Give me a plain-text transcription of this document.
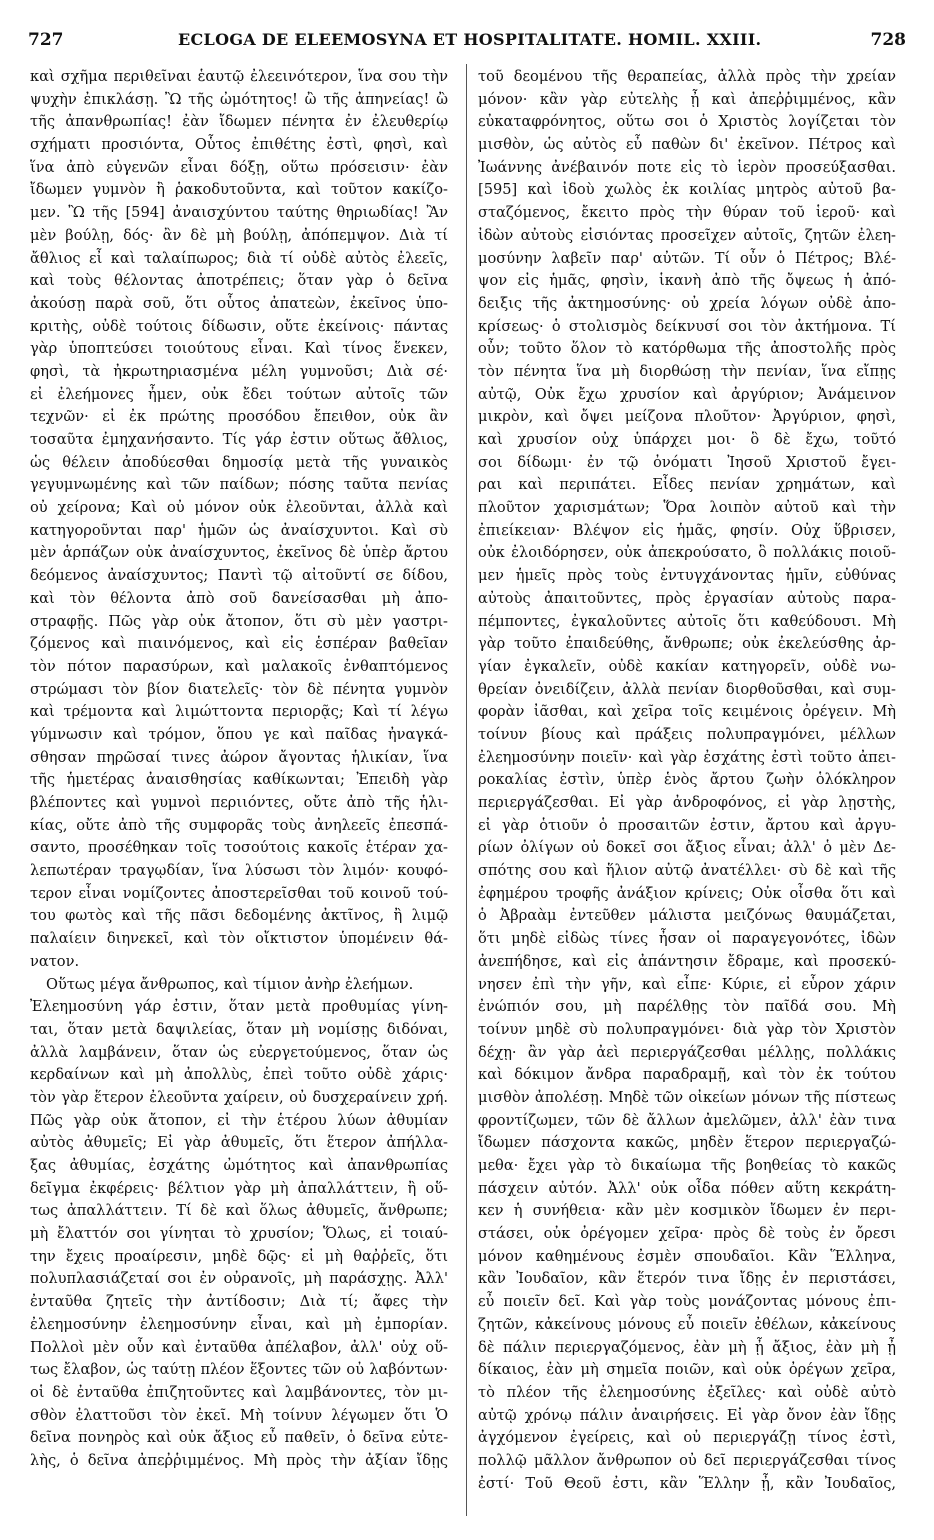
727	ECLOGA DE ELEEMOSYNA ET HOSPITALITATE. HOMIL. XXIII.	728
καὶ σχῆμα περιθεῖναι ἑαυτῷ ἐλεεινότερον, ἵνα σου τὴν
ψυχὴν ἐπικλάσῃ. Ὢ τῆς ὠμότητος! ὢ τῆς ἀπηνείας! ὢ
τῆς ἀπανθρωπίας! ἐὰν ἴδωμεν πένητα ἐν ἐλευθερίῳ
σχήματι προσιόντα, Οὗτος ἐπιθέτης ἐστὶ, φησὶ, καὶ
ἵνα ἀπὸ εὐγενῶν εἶναι δόξῃ, οὕτω πρόσεισιν· ἐὰν
ἴδωμεν γυμνὸν ἢ ῥακοδυτοῦντα, καὶ τοῦτον κακίζο-
μεν. Ὢ τῆς [594] ἀναισχύντου ταύτης θηριωδίας! Ἂν
μὲν βούλῃ, δός· ἂν δὲ μὴ βούλῃ, ἀπόπεμψον. Διὰ τί
ἄθλιος εἶ καὶ ταλαίπωρος; διὰ τί οὐδὲ αὐτὸς ἐλεεῖς,
καὶ τοὺς θέλοντας ἀποτρέπεις; ὅταν γὰρ ὁ δεῖνα
ἀκούσῃ παρὰ σοῦ, ὅτι οὗτος ἀπατεὼν, ἐκεῖνος ὑπο-
κριτὴς, οὐδὲ τούτοις δίδωσιν, οὔτε ἐκείνοις· πάντας
γὰρ ὑποπτεύσει τοιούτους εἶναι. Καὶ τίνος ἕνεκεν,
φησὶ, τὰ ἠκρωτηριασμένα μέλη γυμνοῦσι; Διὰ σέ·
εἰ ἐλεήμονες ἦμεν, οὐκ ἔδει τούτων αὐτοῖς τῶν
τεχνῶν· εἰ ἐκ πρώτης προσόδου ἔπειθον, οὐκ ἂν
τοσαῦτα ἐμηχανήσαντο. Τίς γάρ ἐστιν οὕτως ἄθλιος,
ὡς θέλειν ἀποδύεσθαι δημοσίᾳ μετὰ τῆς γυναικὸς
γεγυμνωμένης καὶ τῶν παίδων; πόσης ταῦτα πενίας
οὐ χείρονα; Καὶ οὐ μόνον οὐκ ἐλεοῦνται, ἀλλὰ καὶ
κατηγοροῦνται παρ' ἡμῶν ὡς ἀναίσχυντοι. Καὶ σὺ
μὲν ἁρπάζων οὐκ ἀναίσχυντος, ἐκεῖνος δὲ ὑπὲρ ἄρτου
δεόμενος ἀναίσχυντος; Παντὶ τῷ αἰτοῦντί σε δίδου,
καὶ τὸν θέλοντα ἀπὸ σοῦ δανείσασθαι μὴ ἀπο-
στραφῇς. Πῶς γὰρ οὐκ ἄτοπον, ὅτι σὺ μὲν γαστρι-
ζόμενος καὶ πιαινόμενος, καὶ εἰς ἑσπέραν βαθεῖαν
τὸν πότον παρασύρων, καὶ μαλακοῖς ἐνθαπτόμενος
στρώμασι τὸν βίον διατελεῖς· τὸν δὲ πένητα γυμνὸν
καὶ τρέμοντα καὶ λιμώττοντα περιορᾷς; Καὶ τί λέγω
γύμνωσιν καὶ τρόμον, ὅπου γε καὶ παῖδας ἠναγκά-
σθησαν πηρῶσαί τινες ἀώρον ἄγοντας ἡλικίαν, ἵνα
τῆς ἡμετέρας ἀναισθησίας καθίκωνται; Ἐπειδὴ γὰρ
βλέποντες καὶ γυμνοὶ περιιόντες, οὔτε ἀπὸ τῆς ἡλι-
κίας, οὔτε ἀπὸ τῆς συμφορᾶς τοὺς ἀνηλεεῖς ἐπεσπά-
σαντο, προσέθηκαν τοῖς τοσούτοις κακοῖς ἑτέραν χα-
λεπωτέραν τραγῳδίαν, ἵνα λύσωσι τὸν λιμόν· κουφό-
τερον εἶναι νομίζοντες ἀποστερεῖσθαι τοῦ κοινοῦ τού-
του φωτὸς καὶ τῆς πᾶσι δεδομένης ἀκτῖνος, ἢ λιμῷ
παλαίειν διηνεκεῖ, καὶ τὸν οἴκτιστον ὑπομένειν θά-
νατον.
Οὕτως μέγα ἄνθρωπος, καὶ τίμιον ἀνὴρ ἐλεήμων.
Ἐλεημοσύνη γάρ ἐστιν, ὅταν μετὰ προθυμίας γίνη-
ται, ὅταν μετὰ δαψιλείας, ὅταν μὴ νομίσῃς διδόναι,
ἀλλὰ λαμβάνειν, ὅταν ὡς εὐεργετούμενος, ὅταν ὡς
κερδαίνων καὶ μὴ ἀπολλὺς, ἐπεὶ τοῦτο οὐδὲ χάρις·
τὸν γὰρ ἕτερον ἐλεοῦντα χαίρειν, οὐ δυσχεραίνειν χρή.
Πῶς γὰρ οὐκ ἄτοπον, εἰ τὴν ἑτέρου λύων ἀθυμίαν
αὐτὸς ἀθυμεῖς; Εἰ γὰρ ἀθυμεῖς, ὅτι ἕτερον ἀπήλλα-
ξας ἀθυμίας, ἐσχάτης ὠμότητος καὶ ἀπανθρωπίας
δεῖγμα ἐκφέρεις· βέλτιον γὰρ μὴ ἀπαλλάττειν, ἢ οὕ-
τως ἀπαλλάττειν. Τί δὲ καὶ ὅλως ἀθυμεῖς, ἄνθρωπε;
μὴ ἔλαττόν σοι γίνηται τὸ χρυσίον; Ὅλως, εἰ τοιαύ-
την ἔχεις προαίρεσιν, μηδὲ δῷς· εἰ μὴ θαῤῥεῖς, ὅτι
πολυπλασιάζεταί σοι ἐν οὐρανοῖς, μὴ παράσχῃς. Ἀλλ'
ἐνταῦθα ζητεῖς τὴν ἀντίδοσιν; Διὰ τί; ἄφες τὴν
ἐλεημοσύνην ἐλεημοσύνην εἶναι, καὶ μὴ ἐμπορίαν.
Πολλοὶ μὲν οὖν καὶ ἐνταῦθα ἀπέλαβον, ἀλλ' οὐχ οὕ-
τως ἔλαβον, ὡς ταύτῃ πλέον ἕξοντες τῶν οὐ λαβόντων·
οἱ δὲ ἐνταῦθα ἐπιζητοῦντες καὶ λαμβάνοντες, τὸν μι-
σθὸν ἐλαττοῦσι τὸν ἐκεῖ. Μὴ τοίνυν λέγωμεν ὅτι Ὁ
δεῖνα πονηρὸς καὶ οὐκ ἄξιος εὖ παθεῖν, ὁ δεῖνα εὐτε-
λὴς, ὁ δεῖνα ἀπεῤῥιμμένος. Μὴ πρὸς τὴν ἀξίαν ἴδῃς
τοῦ δεομένου τῆς θεραπείας, ἀλλὰ πρὸς τὴν χρείαν
μόνον· κἂν γὰρ εὐτελὴς ᾖ καὶ ἀπεῤῥιμμένος, κἂν
εὐκαταφρόνητος, οὕτω σοι ὁ Χριστὸς λογίζεται τὸν
μισθὸν, ὡς αὐτὸς εὖ παθὼν δι' ἐκεῖνον. Πέτρος καὶ
Ἰωάννης ἀνέβαινόν ποτε εἰς τὸ ἱερὸν προσεύξασθαι.
[595] καὶ ἰδοὺ χωλὸς ἐκ κοιλίας μητρὸς αὐτοῦ βα-
σταζόμενος, ἔκειτο πρὸς τὴν θύραν τοῦ ἱεροῦ· καὶ
ἰδὼν αὐτοὺς εἰσιόντας προσεῖχεν αὐτοῖς, ζητῶν ἐλεη-
μοσύνην λαβεῖν παρ' αὐτῶν. Τί οὖν ὁ Πέτρος; Βλέ-
ψον εἰς ἡμᾶς, φησὶν, ἱκανὴ ἀπὸ τῆς ὄψεως ἡ ἀπό-
δειξις τῆς ἀκτημοσύνης· οὐ χρεία λόγων οὐδὲ ἀπο-
κρίσεως· ὁ στολισμὸς δείκνυσί σοι τὸν ἀκτήμονα. Τί
οὖν; τοῦτο ὅλον τὸ κατόρθωμα τῆς ἀποστολῆς πρὸς
τὸν πένητα ἵνα μὴ διορθώσῃ τὴν πενίαν, ἵνα εἴπῃς
αὐτῷ, Οὐκ ἔχω χρυσίον καὶ ἀργύριον; Ἀνάμεινον
μικρὸν, καὶ ὄψει μείζονα πλοῦτον· Ἀργύριον, φησὶ,
καὶ χρυσίον οὐχ ὑπάρχει μοι· ὃ δὲ ἔχω, τοῦτό
σοι δίδωμι· ἐν τῷ ὀνόματι Ἰησοῦ Χριστοῦ ἔγει-
ραι καὶ περιπάτει. Εἶδες πενίαν χρημάτων, καὶ
πλοῦτον χαρισμάτων; Ὅρα λοιπὸν αὐτοῦ καὶ τὴν
ἐπιείκειαν· Βλέψον εἰς ἡμᾶς, φησίν. Οὐχ ὕβρισεν,
οὐκ ἐλοιδόρησεν, οὐκ ἀπεκρούσατο, ὃ πολλάκις ποιοῦ-
μεν ἡμεῖς πρὸς τοὺς ἐντυγχάνοντας ἡμῖν, εὐθύνας
αὐτοὺς ἀπαιτοῦντες, πρὸς ἐργασίαν αὐτοὺς παρα-
πέμποντες, ἐγκαλοῦντες αὐτοῖς ὅτι καθεύδουσι. Μὴ
γὰρ τοῦτο ἐπαιδεύθης, ἄνθρωπε; οὐκ ἐκελεύσθης ἀρ-
γίαν ἐγκαλεῖν, οὐδὲ κακίαν κατηγορεῖν, οὐδὲ νω-
θρείαν ὀνειδίζειν, ἀλλὰ πενίαν διορθοῦσθαι, καὶ συμ-
φορὰν ἰᾶσθαι, καὶ χεῖρα τοῖς κειμένοις ὀρέγειν. Μὴ
τοίνυν βίους καὶ πράξεις πολυπραγμόνει, μέλλων
ἐλεημοσύνην ποιεῖν· καὶ γὰρ ἐσχάτης ἐστὶ τοῦτο ἀπει-
ροκαλίας ἐστὶν, ὑπὲρ ἑνὸς ἄρτου ζωὴν ὁλόκληρον
περιεργάζεσθαι. Εἰ γὰρ ἀνδροφόνος, εἰ γὰρ λῃστὴς,
εἰ γὰρ ὁτιοῦν ὁ προσαιτῶν ἐστιν, ἄρτου καὶ ἀργυ-
ρίων ὀλίγων οὐ δοκεῖ σοι ἄξιος εἶναι; ἀλλ' ὁ μὲν Δε-
σπότης σου καὶ ἥλιον αὐτῷ ἀνατέλλει· σὺ δὲ καὶ τῆς
ἐφημέρου τροφῆς ἀνάξιον κρίνεις; Οὐκ οἶσθα ὅτι καὶ
ὁ Ἀβραὰμ ἐντεῦθεν μάλιστα μειζόνως θαυμάζεται,
ὅτι μηδὲ εἰδὼς τίνες ἦσαν οἱ παραγεγονότες, ἰδὼν
ἀνεπήδησε, καὶ εἰς ἀπάντησιν ἔδραμε, καὶ προσεκύ-
νησεν ἐπὶ τὴν γῆν, καὶ εἶπε· Κύριε, εἰ εὗρον χάριν
ἐνώπιόν σου, μὴ παρέλθῃς τὸν παῖδά σου. Μὴ
τοίνυν μηδὲ σὺ πολυπραγμόνει· διὰ γὰρ τὸν Χριστὸν
δέχῃ· ἂν γὰρ ἀεὶ περιεργάζεσθαι μέλλῃς, πολλάκις
καὶ δόκιμον ἄνδρα παραδραμῇ, καὶ τὸν ἐκ τούτου
μισθὸν ἀπολέσῃ. Μηδὲ τῶν οἰκείων μόνων τῆς πίστεως
φροντίζωμεν, τῶν δὲ ἄλλων ἀμελῶμεν, ἀλλ' ἐὰν τινα
ἴδωμεν πάσχοντα κακῶς, μηδὲν ἕτερον περιεργαζώ-
μεθα· ἔχει γὰρ τὸ δικαίωμα τῆς βοηθείας τὸ κακῶς
πάσχειν αὐτόν. Ἀλλ' οὐκ οἶδα πόθεν αὕτη κεκράτη-
κεν ἡ συνήθεια· κἂν μὲν κοσμικὸν ἴδωμεν ἐν περι-
στάσει, οὐκ ὀρέγομεν χεῖρα· πρὸς δὲ τοὺς ἐν ὄρεσι
μόνον καθημένους ἐσμὲν σπουδαῖοι. Κἂν Ἕλληνα,
κἂν Ἰουδαῖον, κἂν ἕτερόν τινα ἴδῃς ἐν περιστάσει,
εὖ ποιεῖν δεῖ. Καὶ γὰρ τοὺς μονάζοντας μόνους ἐπι-
ζητῶν, κἀκείνους μόνους εὖ ποιεῖν ἐθέλων, κἀκείνους
δὲ πάλιν περιεργαζόμενος, ἐὰν μὴ ᾖ ἄξιος, ἐὰν μὴ ᾖ
δίκαιος, ἐὰν μὴ σημεῖα ποιῶν, καὶ οὐκ ὀρέγων χεῖρα,
τὸ πλέον τῆς ἐλεημοσύνης ἐξεῖλες· καὶ οὐδὲ αὐτὸ
αὐτῷ χρόνῳ πάλιν ἀναιρήσεις. Εἰ γὰρ ὄνον ἐὰν ἴδῃς
ἀγχόμενον ἐγείρεις, καὶ οὐ περιεργάζῃ τίνος ἐστὶ,
πολλῷ μᾶλλον ἄνθρωπον οὐ δεῖ περιεργάζεσθαι τίνος
ἐστί· Τοῦ Θεοῦ ἐστι, κἂν Ἕλλην ᾖ, κἂν Ἰουδαῖος,
